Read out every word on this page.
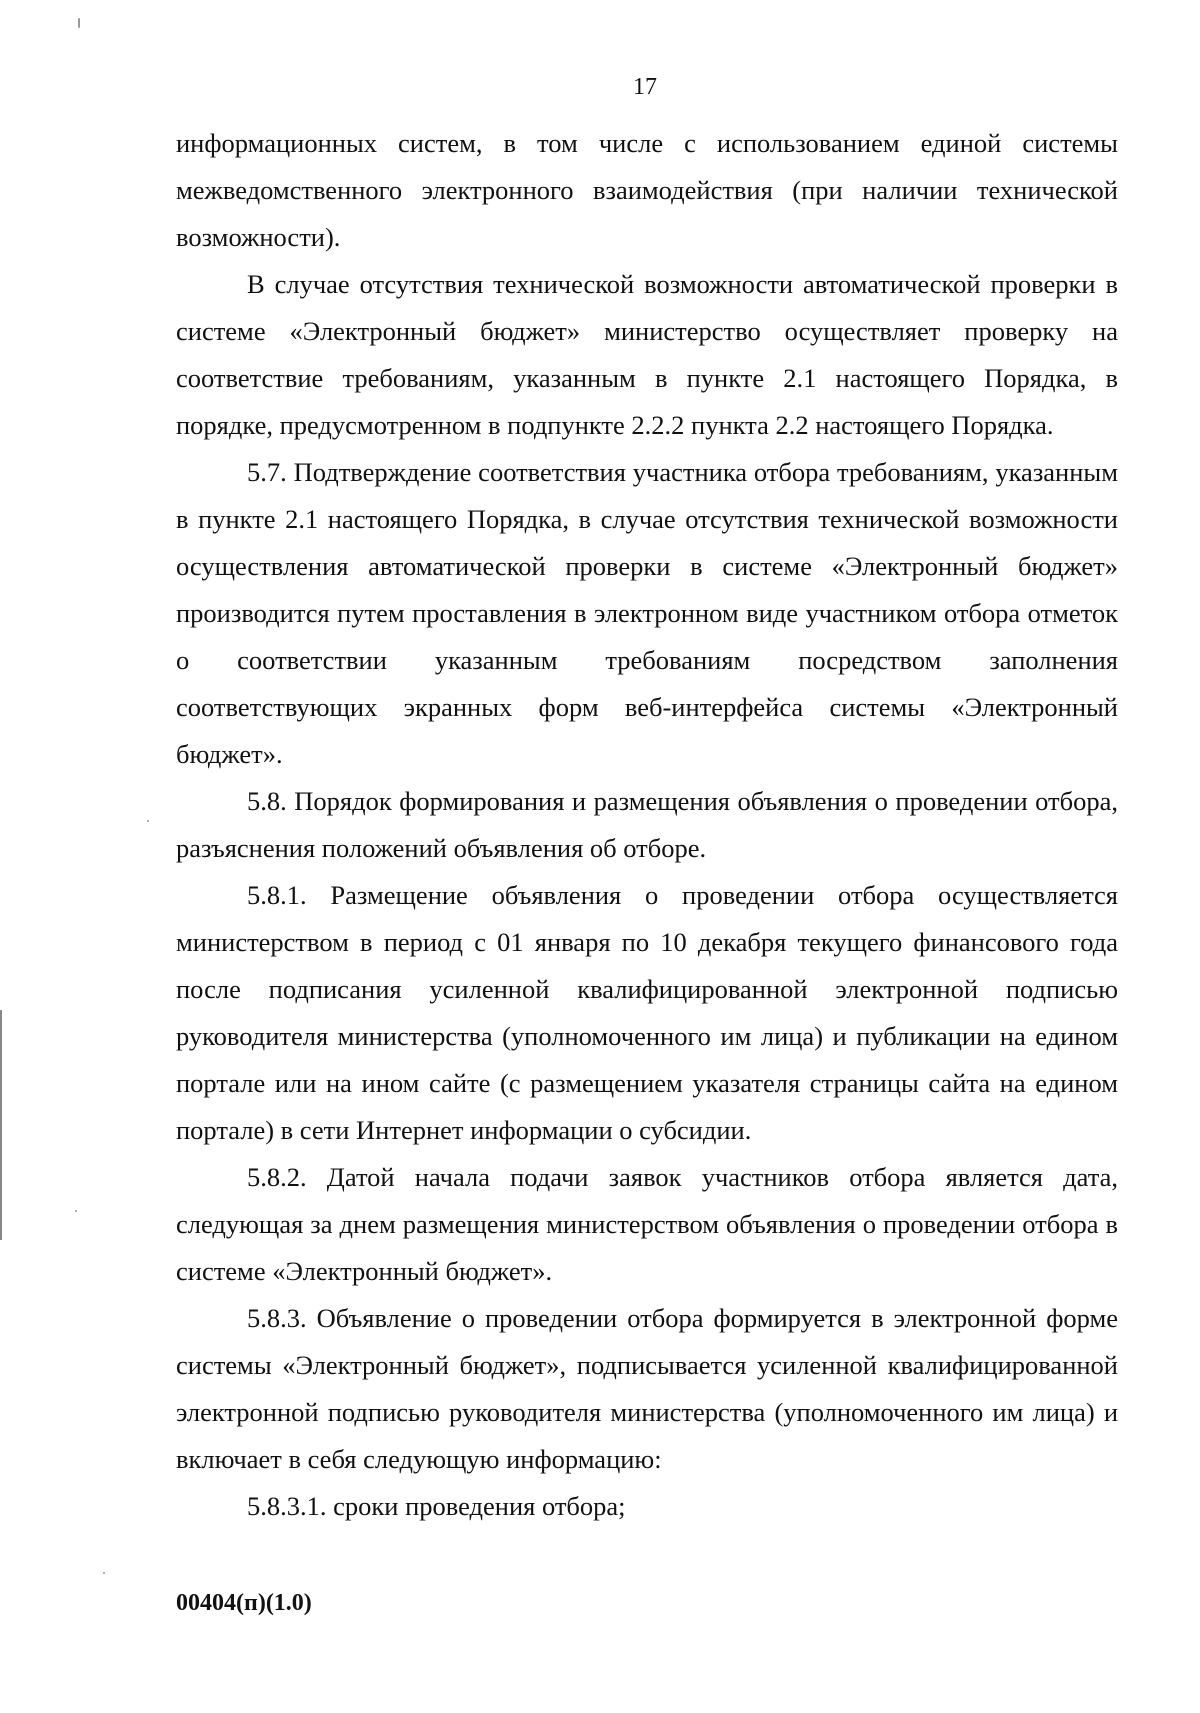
17

информационных систем, в том числе с использованием единой системы межведомственного электронного взаимодействия (при наличии технической возможности).

В случае отсутствия технической возможности автоматической проверки в системе «Электронный бюджет» министерство осуществляет проверку на соответствие требованиям, указанным в пункте 2.1 настоящего Порядка, в порядке, предусмотренном в подпункте 2.2.2 пункта 2.2 настоящего Порядка.

5.7. Подтверждение соответствия участника отбора требованиям, указанным в пункте 2.1 настоящего Порядка, в случае отсутствия технической возможности осуществления автоматической проверки в системе «Электронный бюджет» производится путем проставления в электронном виде участником отбора отметок о соответствии указанным требованиям посредством заполнения соответствующих экранных форм веб-интерфейса системы «Электронный бюджет».

5.8. Порядок формирования и размещения объявления о проведении отбора, разъяснения положений объявления об отборе.

5.8.1. Размещение объявления о проведении отбора осуществляется министерством в период с 01 января по 10 декабря текущего финансового года после подписания усиленной квалифицированной электронной подписью руководителя министерства (уполномоченного им лица) и публикации на едином портале или на ином сайте (с размещением указателя страницы сайта на едином портале) в сети Интернет информации о субсидии.

5.8.2. Датой начала подачи заявок участников отбора является дата, следующая за днем размещения министерством объявления о проведении отбора в системе «Электронный бюджет».

5.8.3. Объявление о проведении отбора формируется в электронной форме системы «Электронный бюджет», подписывается усиленной квалифицированной электронной подписью руководителя министерства (уполномоченного им лица) и включает в себя следующую информацию:

5.8.3.1. сроки проведения отбора;

00404(п)(1.0)
